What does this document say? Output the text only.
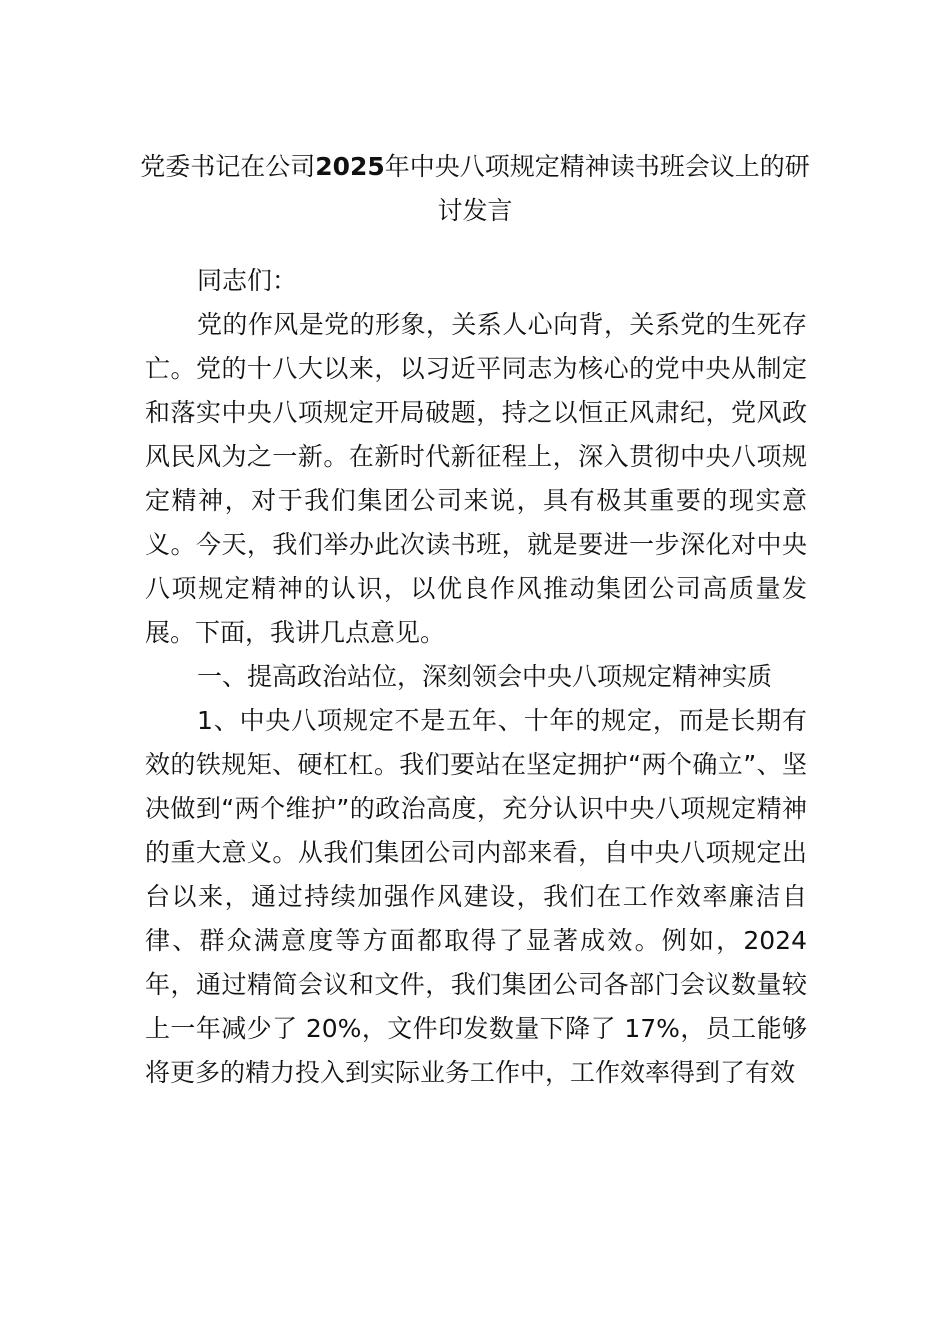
党委书记在公司2025年中央八项规定精神读书班会议上的研讨发言

同志们：

党的作风是党的形象，关系人心向背，关系党的生死存亡。党的十八大以来，以习近平同志为核心的党中央从制定和落实中央八项规定开局破题，持之以恒正风肃纪，党风政风民风为之一新。在新时代新征程上，深入贯彻中央八项规定精神，对于我们集团公司来说，具有极其重要的现实意义。今天，我们举办此次读书班，就是要进一步深化对中央八项规定精神的认识，以优良作风推动集团公司高质量发展。下面，我讲几点意见。

一、提高政治站位，深刻领会中央八项规定精神实质

1、中央八项规定不是五年、十年的规定，而是长期有效的铁规矩、硬杠杠。我们要站在坚定拥护“两个确立”、坚决做到“两个维护”的政治高度，充分认识中央八项规定精神的重大意义。从我们集团公司内部来看，自中央八项规定出台以来，通过持续加强作风建设，我们在工作效率廉洁自律、群众满意度等方面都取得了显著成效。例如，2024 年，通过精简会议和文件，我们集团公司各部门会议数量较上一年减少了 20%，文件印发数量下降了 17%，员工能够将更多的精力投入到实际业务工作中，工作效率得到了有效
